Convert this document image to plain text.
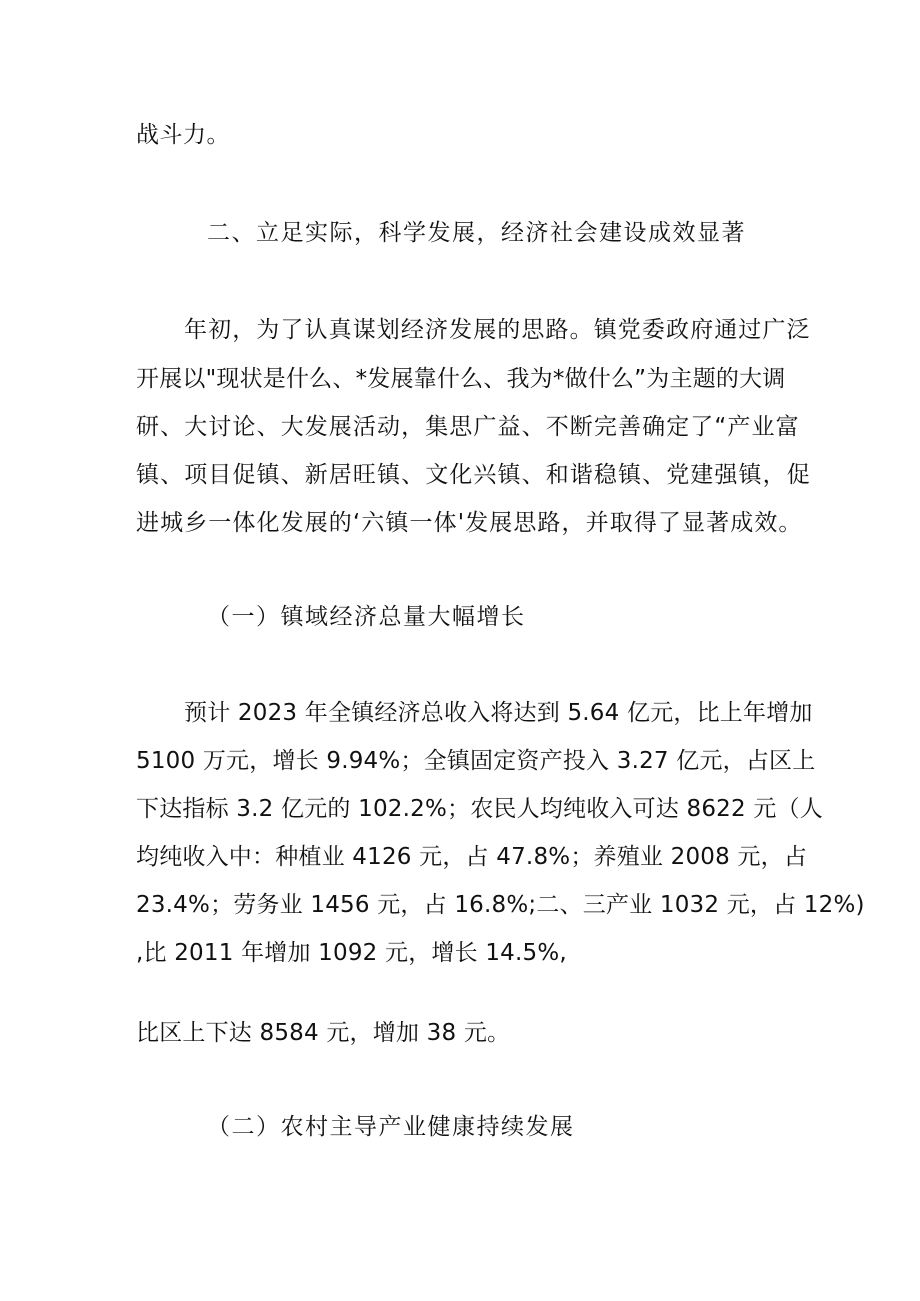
战斗力。
二、立足实际，科学发展，经济社会建设成效显著
年初，为了认真谋划经济发展的思路。镇党委政府通过广泛
开展以"现状是什么、*发展靠什么、我为*做什么”为主题的大调
研、大讨论、大发展活动，集思广益、不断完善确定了“产业富
镇、项目促镇、新居旺镇、文化兴镇、和谐稳镇、党建强镇，促
进城乡一体化发展的‘六镇一体'发展思路，并取得了显著成效。
（一）镇域经济总量大幅增长
预计 2023 年全镇经济总收入将达到 5.64 亿元，比上年增加
5100 万元，增长 9.94%；全镇固定资产投入 3.27 亿元，占区上
下达指标 3.2 亿元的 102.2%；农民人均纯收入可达 8622 元（人
均纯收入中：种植业 4126 元，占 47.8%；养殖业 2008 元，占
23.4%；劳务业 1456 元，占 16.8%;二、三产业 1032 元，占 12%)
,比 2011 年增加 1092 元，增长 14.5%,
比区上下达 8584 元，增加 38 元。
（二）农村主导产业健康持续发展
